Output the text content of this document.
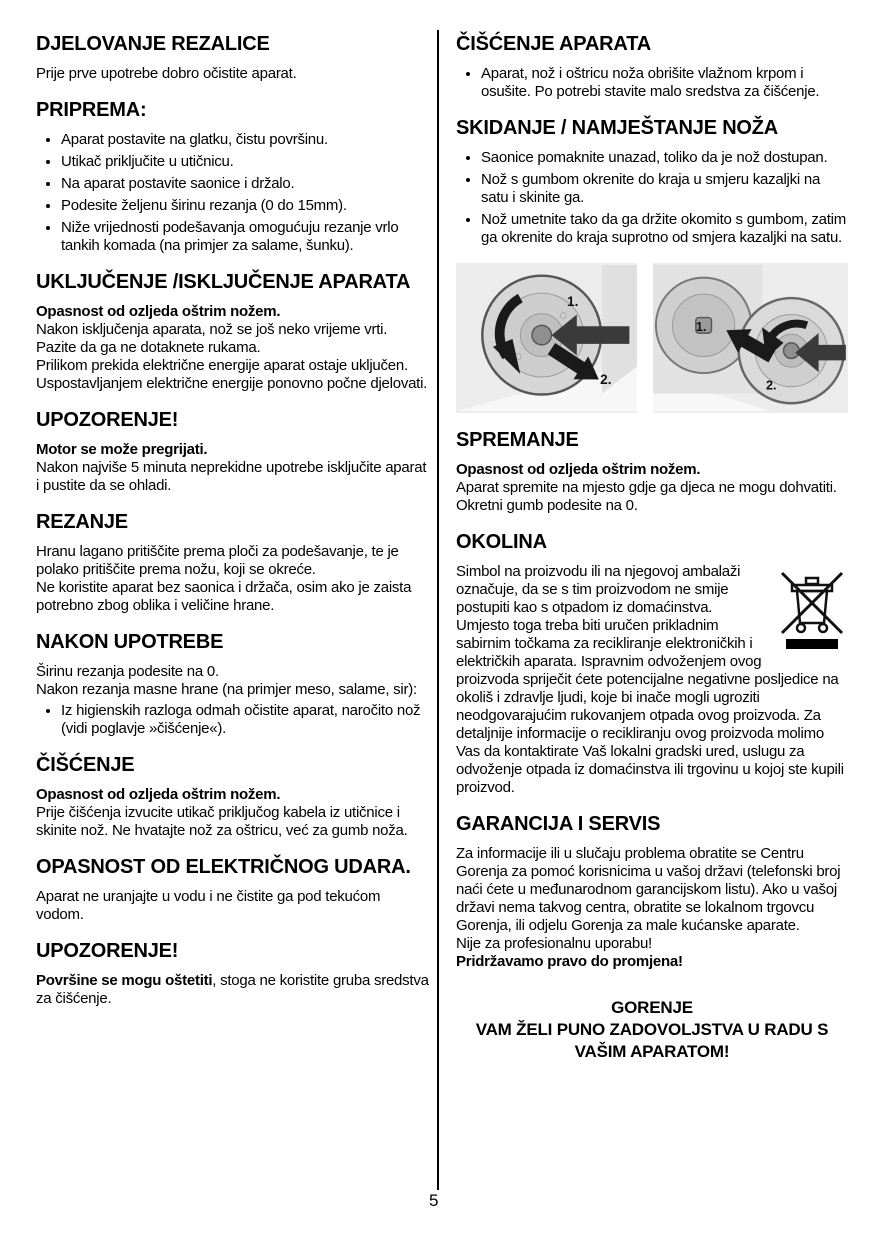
DJELOVANJE REZALICE

Prije prve upotrebe dobro očistite aparat.

PRIPREMA:
• Aparat postavite na glatku, čistu površinu.
• Utikač priključite u utičnicu.
• Na aparat postavite saonice i držalo.
• Podesite željenu širinu rezanja (0 do 15mm).
• Niže vrijednosti podešavanja omogućuju rezanje vrlo tankih komada (na primjer za salame, šunku).
UKLJUČENJE /ISKLJUČENJE APARATA

Opasnost od ozljeda oštrim nožem.

Nakon isključenja aparata, nož se još neko vrijeme vrti. Pazite da ga ne dotaknete rukama.

Prilikom prekida električne energije aparat ostaje uključen. Uspostavljanjem električne energije ponovno počne djelovati.

UPOZORENJE!

Motor se može pregrijati.

Nakon najviše 5 minuta neprekidne upotrebe isključite aparat i pustite da se ohladi.

REZANJE

Hranu lagano pritiščite prema ploči za podešavanje, te je polako pritiščite prema nožu, koji se okreće.

Ne koristite aparat bez saonica i držača, osim ako je zaista potrebno zbog oblika i veličine hrane.

NAKON UPOTREBE

Širinu rezanja podesite na 0.

Nakon rezanja masne hrane (na primjer meso, salame, sir):

• Iz higienskih razloga odmah očistite aparat, naročito nož (vidi poglavje »čišćenje«).
ČIŠĆENJE

Opasnost od ozljeda oštrim nožem.

Prije čišćenja izvucite utikač priključog kabela iz utičnice i skinite nož. Ne hvatajte nož za oštricu, već za gumb noža.

OPASNOST OD ELEKTRIČNOG UDARA.

Aparat ne uranjajte u vodu i ne čistite ga pod tekućom vodom.

UPOZORENJE!

Površine se mogu oštetiti, stoga ne koristite gruba sredstva za čišćenje.

ČIŠĆENJE APARATA
• Aparat, nož i oštricu noža obrišite vlažnom krpom i osušite. Po potrebi stavite malo sredstva za čišćenje.
SKIDANJE / NAMJEŠTANJE NOŽA
• Saonice pomaknite unazad, toliko da je nož dostupan.
• Nož s gumbom okrenite do kraja u smjeru kazaljki na satu i skinite ga.
• Nož umetnite tako da ga držite okomito s gumbom, zatim ga okrenite do kraja suprotno od smjera kazaljki na satu.
1.
2.
1.
2.
SPREMANJE

Opasnost od ozljeda oštrim nožem.

Aparat spremite na mjesto gdje ga djeca ne mogu dohvatiti.

Okretni gumb podesite na 0.

OKOLINA

Simbol na proizvodu ili na njegovoj ambalaži označuje, da se s tim proizvodom ne smije postupiti kao s otpadom iz domaćinstva. Umjesto toga treba biti uručen prikladnim sabirnim točkama za recikliranje elektroničkih i električkih aparata. Ispravnim odvoženjem ovog proizvoda spriječit ćete potencijalne negativne posljedice na okoliš i zdravlje ljudi, koje bi inače mogli ugroziti neodgovarajućim rukovanjem otpada ovog proizvoda. Za detaljnije informacije o recikliranju ovog proizvoda molimo Vas da kontaktirate Vaš lokalni gradski ured, uslugu za odvoženje otpada iz domaćinstva ili trgovinu u kojoj ste kupili proizvod.

GARANCIJA I SERVIS

Za informacije ili u slučaju problema obratite se Centru Gorenja za pomoć korisnicima u vašoj državi (telefonski broj naći ćete u međunarodnom garancijskom listu). Ako u vašoj državi nema takvog centra, obratite se lokalnom trgovcu Gorenja, ili odjelu Gorenja za male kućanske aparate.

Nije za profesionalnu uporabu!

Pridržavamo pravo do promjena!

GORENJE
VAM ŽELI PUNO ZADOVOLJSTVA U RADU S VAŠIM APARATOM!
5
